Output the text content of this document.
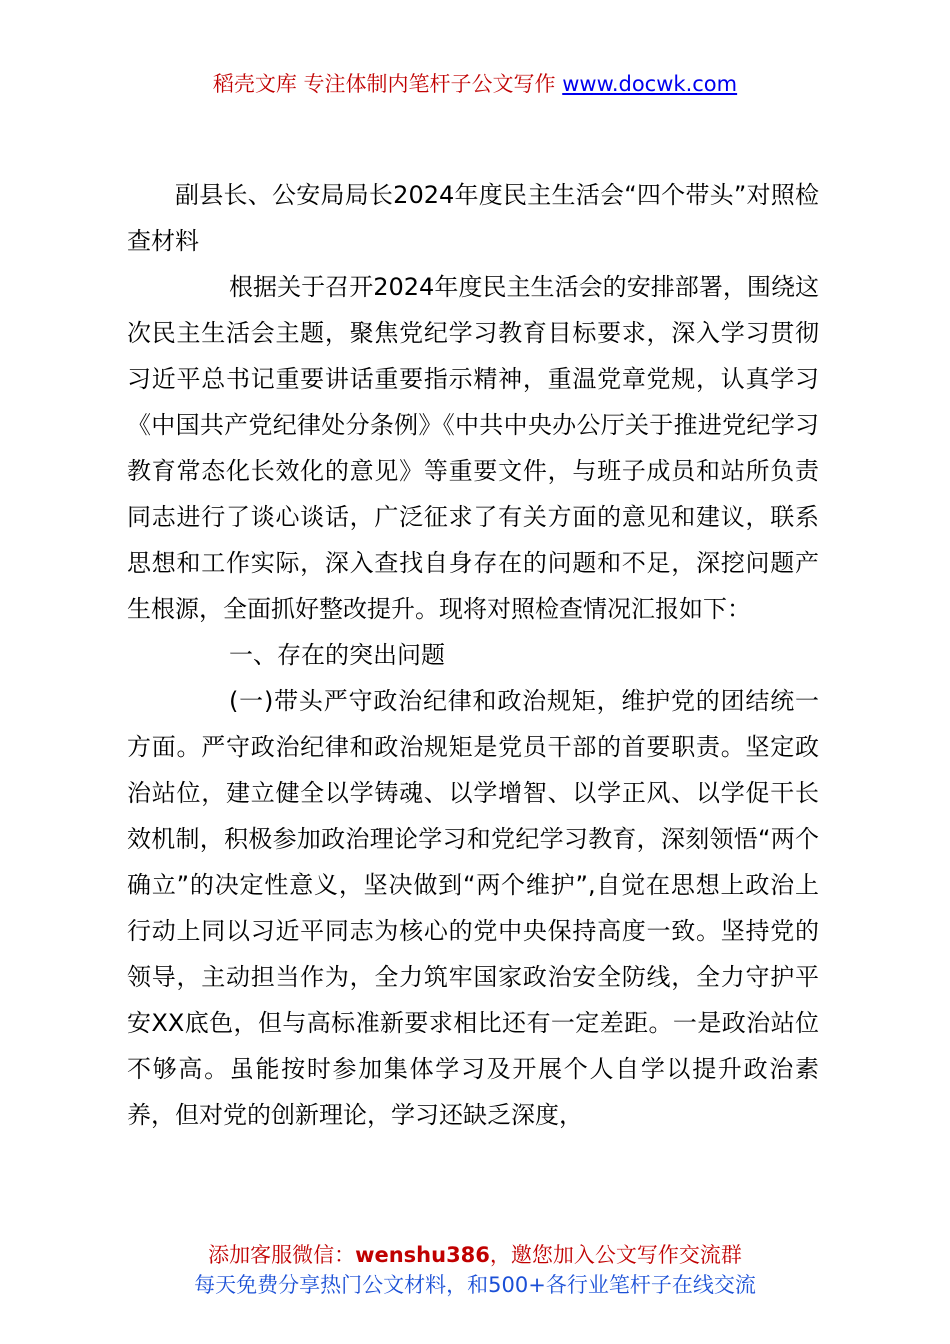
稻壳文库 专注体制内笔杆子公文写作 www.docwk.com

副县长、公安局局长2024年度民主生活会“四个带头”对照检查材料

根据关于召开2024年度民主生活会的安排部署，围绕这次民主生活会主题，聚焦党纪学习教育目标要求，深入学习贯彻习近平总书记重要讲话重要指示精神，重温党章党规，认真学习《中国共产党纪律处分条例》《中共中央办公厅关于推进党纪学习教育常态化长效化的意见》等重要文件，与班子成员和站所负责同志进行了谈心谈话，广泛征求了有关方面的意见和建议，联系思想和工作实际，深入查找自身存在的问题和不足，深挖问题产生根源，全面抓好整改提升。现将对照检查情况汇报如下：

一、存在的突出问题

(一)带头严守政治纪律和政治规矩，维护党的团结统一方面。严守政治纪律和政治规矩是党员干部的首要职责。坚定政治站位，建立健全以学铸魂、以学增智、以学正风、以学促干长效机制，积极参加政治理论学习和党纪学习教育，深刻领悟“两个确立”的决定性意义，坚决做到“两个维护”,自觉在思想上政治上行动上同以习近平同志为核心的党中央保持高度一致。坚持党的领导，主动担当作为，全力筑牢国家政治安全防线，全力守护平安XX底色，但与高标准新要求相比还有一定差距。一是政治站位不够高。虽能按时参加集体学习及开展个人自学以提升政治素养，但对党的创新理论，学习还缺乏深度，

添加客服微信：wenshu386，邀您加入公文写作交流群
每天免费分享热门公文材料，和500+各行业笔杆子在线交流
